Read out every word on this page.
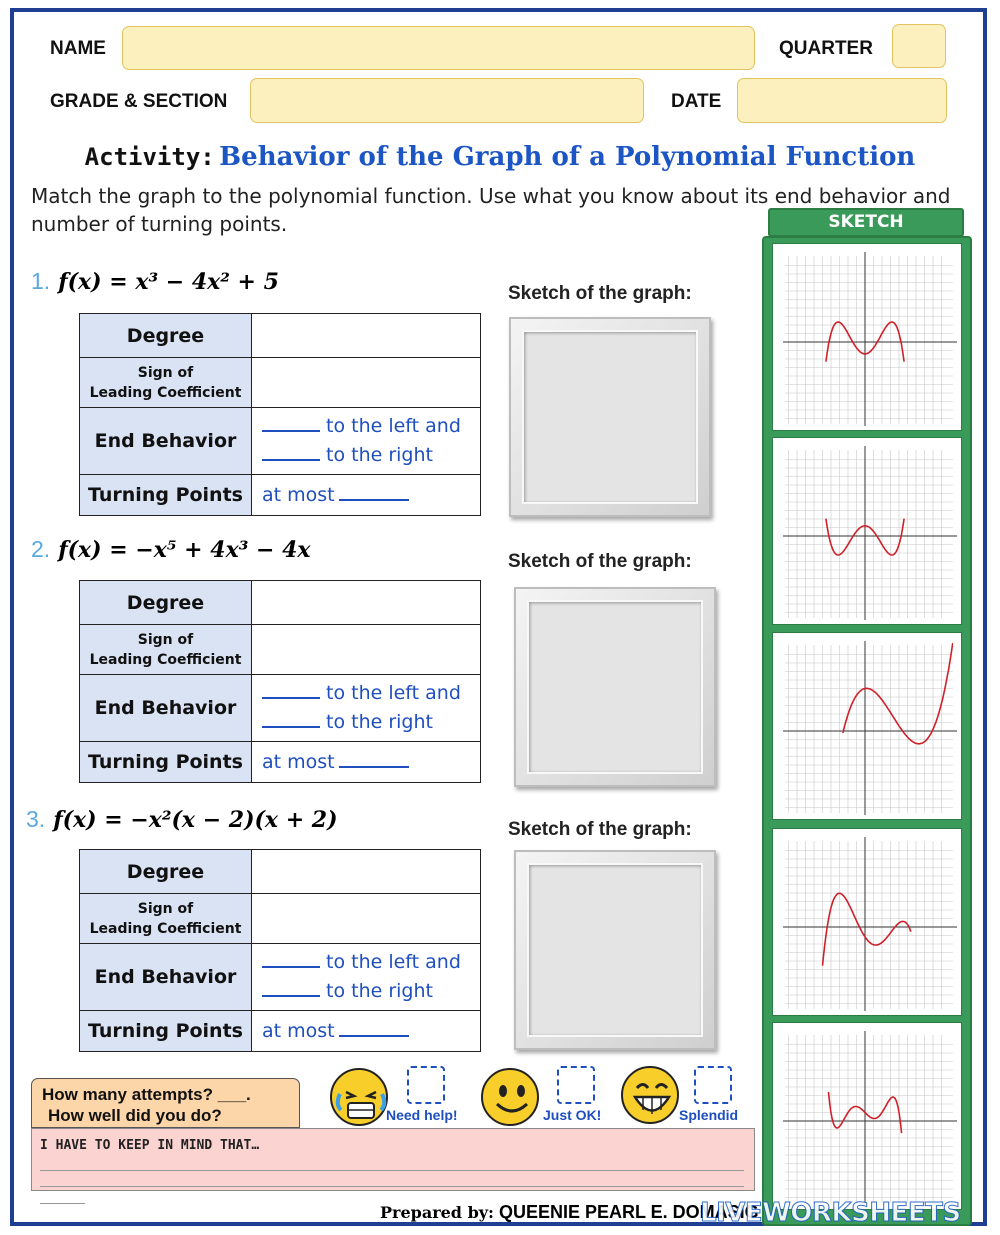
NAME	QUARTER
GRADE & SECTION	DATE
Activity: Behavior of the Graph of a Polynomial Function
Match the graph to the polynomial function. Use what you know about its end behavior and number of turning points.
1. f(x) = x³ − 4x² + 5
Degree	
Sign of
Leading Coefficient	
End Behavior	to the left and
to the right

Turning Points	at most
Sketch of the graph:
2. f(x) = −x⁵ + 4x³ − 4x
Degree	
Sign of
Leading Coefficient	
End Behavior	to the left and
to the right

Turning Points	at most
Sketch of the graph:
3. f(x) = −x²(x − 2)(x + 2)
Degree	
Sign of
Leading Coefficient	
End Behavior	to the left and
to the right

Turning Points	at most
Sketch of the graph:
SKETCH
How many attempts? ___.
How well did you do?	Need help!	Just OK!	Splendid
I HAVE TO KEEP IN MIND THAT…
Prepared by: QUEENIE PEARL E. DOMASIG
LIVEWORKSHEETS
